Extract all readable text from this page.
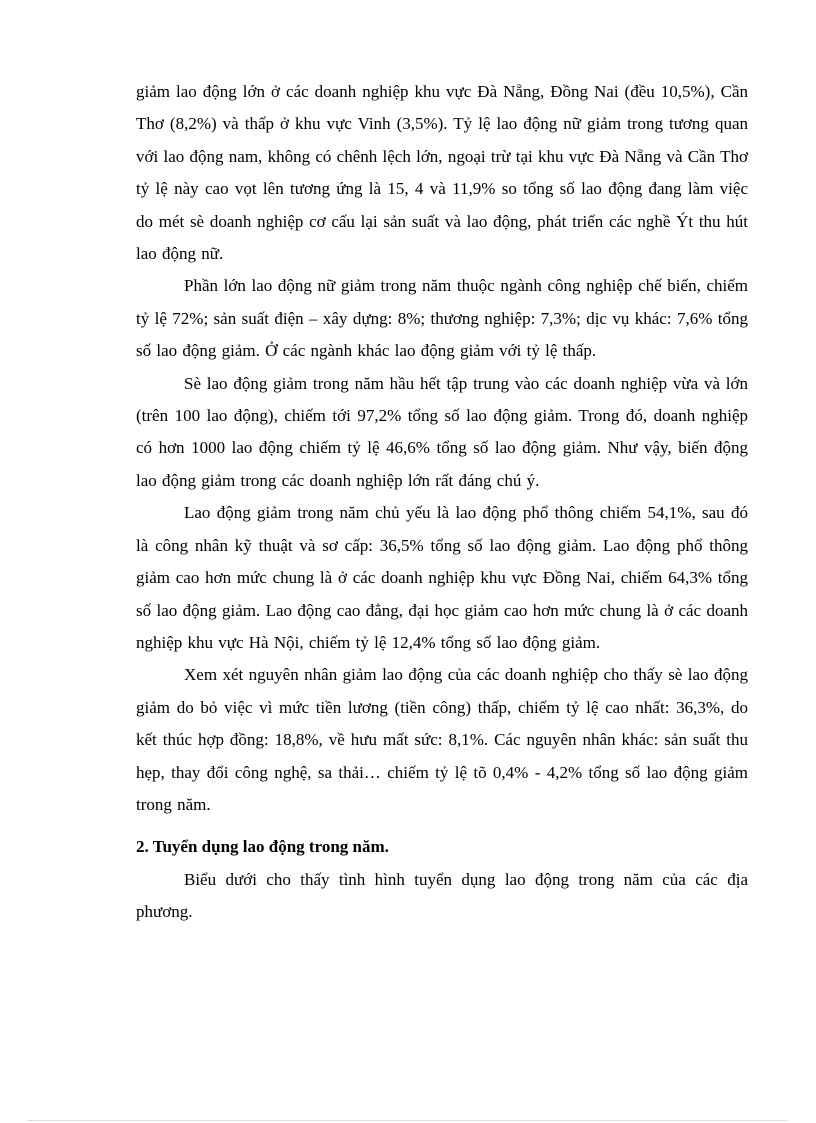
giảm lao động lớn ở các doanh nghiệp khu vực Đà Nẵng, Đồng Nai (đều 10,5%), Cần Thơ (8,2%) và thấp ở khu vực Vinh (3,5%). Tỷ lệ lao động nữ giảm trong tương quan với lao động nam, không có chênh lệch lớn, ngoại trừ tại khu vực Đà Nẵng và Cần Thơ tỷ lệ này cao vọt lên tương ứng là 15, 4 và 11,9% so tổng số lao động đang làm việc do mét sè doanh nghiệp cơ cấu lại sản suất và lao động, phát triển các nghề Ýt thu hút lao động nữ.

Phần lớn lao động nữ giảm trong năm thuộc ngành công nghiệp chế biến, chiếm tỷ lệ 72%; sản suất điện – xây dựng: 8%; thương nghiệp: 7,3%; dịc vụ khác: 7,6% tổng số lao động giảm. Ở các ngành khác lao động giảm với tỷ lệ thấp.

Sè lao động giảm trong năm hầu hết tập trung vào các doanh nghiệp vừa và lớn (trên 100 lao động), chiếm tới 97,2% tổng số lao động giảm. Trong đó, doanh nghiệp có hơn 1000 lao động chiếm tỷ lệ 46,6% tổng số lao động giảm. Như vậy, biến động lao động giảm trong các doanh nghiệp lớn rất đáng chú ý.

Lao động giảm trong năm chủ yếu là lao động phổ thông chiếm 54,1%, sau đó là công nhân kỹ thuật và sơ cấp: 36,5% tổng số lao động giảm. Lao động phổ thông giảm cao hơn mức chung là ở các doanh nghiệp khu vực Đồng Nai, chiếm 64,3% tổng số lao động giảm. Lao động cao đẳng, đại học giảm cao hơn mức chung là ở các doanh nghiệp khu vực Hà Nội, chiếm tỷ lệ 12,4% tổng số lao động giảm.

Xem xét nguyên nhân giảm lao động của các doanh nghiệp cho thấy sè lao động giảm do bỏ việc vì mức tiền lương (tiền công) thấp, chiếm tỷ lệ cao nhất: 36,3%, do kết thúc hợp đồng: 18,8%, về hưu mất sức: 8,1%. Các nguyên nhân khác: sản suất thu hẹp, thay đổi công nghệ, sa thải… chiếm tỷ lệ tõ 0,4% - 4,2% tổng số lao động giảm trong năm.

2. Tuyển dụng lao động trong năm.

Biểu dưới cho thấy tình hình tuyển dụng lao động trong năm của các địa phương.
